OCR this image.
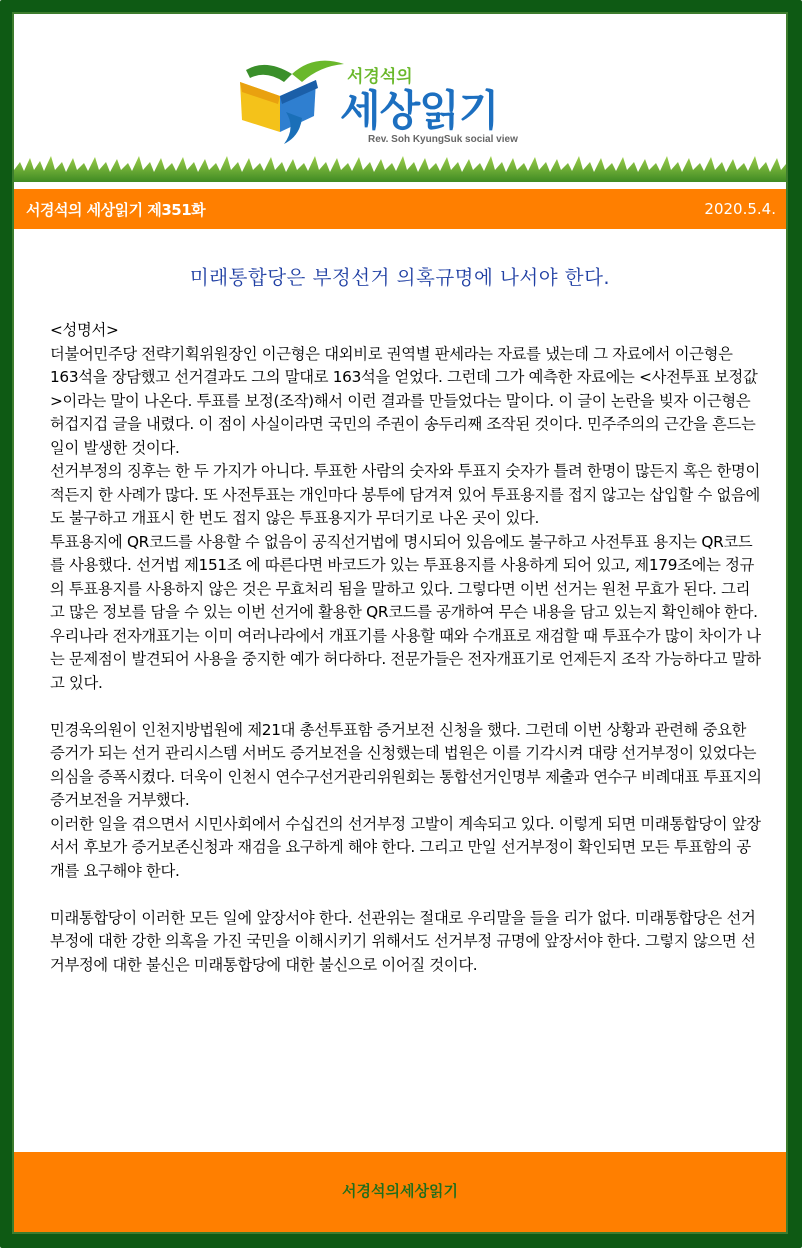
서경석의
세상읽기
Rev. Soh KyungSuk social view
서경석의 세상읽기 제351화	2020.5.4.
미래통합당은 부정선거 의혹규명에 나서야 한다.

<성명서>

더불어민주당 전략기획위원장인 이근형은 대외비로 권역별 판세라는 자료를 냈는데 그 자료에서 이근형은 163석을 장담했고 선거결과도 그의 말대로 163석을 얻었다. 그런데 그가 예측한 자료에는 <사전투표 보정값>이라는 말이 나온다. 투표를 보정(조작)해서 이런 결과를 만들었다는 말이다. 이 글이 논란을 빚자 이근형은 허겁지겁 글을 내렸다. 이 점이 사실이라면 국민의 주권이 송두리째 조작된 것이다. 민주주의의 근간을 흔드는 일이 발생한 것이다.

선거부정의 징후는 한 두 가지가 아니다. 투표한 사람의 숫자와 투표지 숫자가 틀려 한명이 많든지 혹은 한명이 적든지 한 사례가 많다. 또 사전투표는 개인마다 봉투에 담겨져 있어 투표용지를 접지 않고는 삽입할 수 없음에도 불구하고 개표시 한 번도 접지 않은 투표용지가 무더기로 나온 곳이 있다.

투표용지에 QR코드를 사용할 수 없음이 공직선거법에 명시되어 있음에도 불구하고 사전투표 용지는 QR코드를 사용했다. 선거법 제151조 에 따른다면 바코드가 있는 투표용지를 사용하게 되어 있고, 제179조에는 정규의 투표용지를 사용하지 않은 것은 무효처리 됨을 말하고 있다. 그렇다면 이번 선거는 원천 무효가 된다. 그리고 많은 정보를 담을 수 있는 이번 선거에 활용한 QR코드를 공개하여 무슨 내용을 담고 있는지 확인해야 한다.

우리나라 전자개표기는 이미 여러나라에서 개표기를 사용할 때와 수개표로 재검할 때 투표수가 많이 차이가 나는 문제점이 발견되어 사용을 중지한 예가 허다하다. 전문가들은 전자개표기로 언제든지 조작 가능하다고 말하고 있다.

민경욱의원이 인천지방법원에 제21대 총선투표함 증거보전 신청을 했다. 그런데 이번 상황과 관련해 중요한 증거가 되는 선거 관리시스템 서버도 증거보전을 신청했는데 법원은 이를 기각시켜 대량 선거부정이 있었다는 의심을 증폭시켰다. 더욱이 인천시 연수구선거관리위원회는 통합선거인명부 제출과 연수구 비례대표 투표지의 증거보전을 거부했다.

이러한 일을 겪으면서 시민사회에서 수십건의 선거부정 고발이 계속되고 있다. 이렇게 되면 미래통합당이 앞장서서 후보가 증거보존신청과 재검을 요구하게 해야 한다. 그리고 만일 선거부정이 확인되면 모든 투표함의 공개를 요구해야 한다.

미래통합당이 이러한 모든 일에 앞장서야 한다. 선관위는 절대로 우리말을 들을 리가 없다. 미래통합당은 선거부정에 대한 강한 의혹을 가진 국민을 이해시키기 위해서도 선거부정 규명에 앞장서야 한다. 그렇지 않으면 선거부정에 대한 불신은 미래통합당에 대한 불신으로 이어질 것이다.

서경석의세상읽기
